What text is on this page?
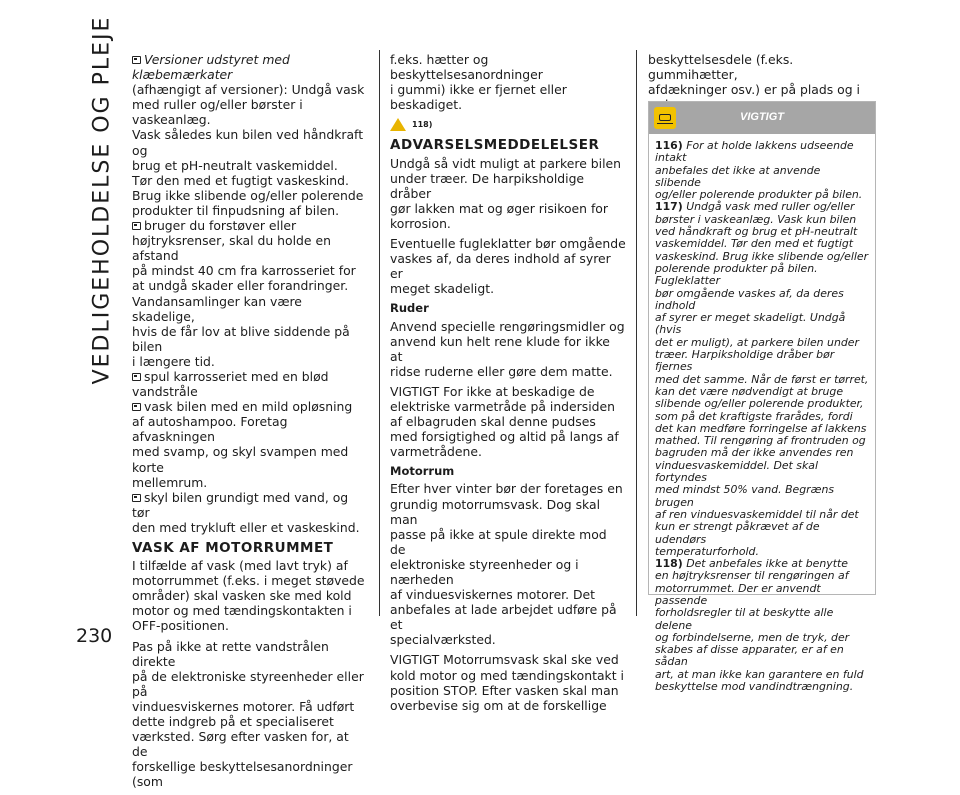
VEDLIGEHOLDELSE OG PLEJE	Versioner udstyret med klæbemærkater
(afhængigt af versioner): Undgå vask
med ruller og/eller børster i vaskeanlæg.
Vask således kun bilen ved håndkraft og
brug et pH-neutralt vaskemiddel.
Tør den med et fugtigt vaskeskind.
Brug ikke slibende og/eller polerende
produkter til finpudsning af bilen.
bruger du forstøver eller
højtryksrenser, skal du holde en afstand
på mindst 40 cm fra karrosseriet for
at undgå skader eller forandringer.
Vandansamlinger kan være skadelige,
hvis de får lov at blive siddende på bilen
i længere tid.
spul karrosseriet med en blød
vandstråle
vask bilen med en mild opløsning
af autoshampoo. Foretag afvaskningen
med svamp, og skyl svampen med korte
mellemrum.
skyl bilen grundigt med vand, og tør
den med trykluft eller et vaskeskind.
VASK AF MOTORRUMMET

I tilfælde af vask (med lavt tryk) af
motorrummet (f.eks. i meget støvede
områder) skal vasken ske med kold
motor og med tændingskontakten i
OFF-positionen.

Pas på ikke at rette vandstrålen direkte
på de elektroniske styreenheder eller på
vinduesviskernes motorer. Få udført
dette indgreb på et specialiseret
værksted. Sørg efter vasken for, at de
forskellige beskyttelsesanordninger (som

f.eks. hætter og beskyttelsesanordninger
i gummi) ikke er fjernet eller beskadiget.

118)
ADVARSELSMEDDELELSER

Undgå så vidt muligt at parkere bilen
under træer. De harpiksholdige dråber
gør lakken mat og øger risikoen for
korrosion.

Eventuelle fugleklatter bør omgående
vaskes af, da deres indhold af syrer er
meget skadeligt.

Ruder

Anvend specielle rengøringsmidler og
anvend kun helt rene klude for ikke at
ridse ruderne eller gøre dem matte.

VIGTIGT For ikke at beskadige de
elektriske varmetråde på indersiden
af elbagruden skal denne pudses
med forsigtighed og altid på langs af
varmetrådene.

Motorrum

Efter hver vinter bør der foretages en
grundig motorrumsvask. Dog skal man
passe på ikke at spule direkte mod de
elektroniske styreenheder og i nærheden
af vinduesviskernes motorer. Det
anbefales at lade arbejdet udføre på et
specialværksted.

VIGTIGT Motorrumsvask skal ske ved
kold motor og med tændingskontakt i
position STOP. Efter vasken skal man
overbevise sig om at de forskellige

beskyttelsesdele (f.eks. gummihætter,
afdækninger osv.) er på plads og i

VIGTIGT

116) For at holde lakkens udseende intakt
anbefales det ikke at anvende slibende
og/eller polerende produkter på bilen.

117) Undgå vask med ruller og/eller
børster i vaskeanlæg. Vask kun bilen
ved håndkraft og brug et pH-neutralt
vaskemiddel. Tør den med et fugtigt
vaskeskind. Brug ikke slibende og/eller
polerende produkter på bilen. Fugleklatter
bør omgående vaskes af, da deres indhold
af syrer er meget skadeligt. Undgå (hvis
det er muligt), at parkere bilen under
træer. Harpiksholdige dråber bør fjernes
med det samme. Når de først er tørret,
kan det være nødvendigt at bruge
slibende og/eller polerende produkter,
som på det kraftigste frarådes, fordi
det kan medføre forringelse af lakkens
mathed. Til rengøring af frontruden og
bagruden må der ikke anvendes ren
vinduesvaskemiddel. Det skal fortyndes
med mindst 50% vand. Begræns brugen
af ren vinduesvaskemiddel til når det
kun er strengt påkrævet af de udendørs
temperaturforhold.

118) Det anbefales ikke at benytte
en højtryksrenser til rengøringen af
motorrummet. Der er anvendt passende
forholdsregler til at beskytte alle delene
og forbindelserne, men de tryk, der
skabes af disse apparater, er af en sådan
art, at man ikke kan garantere en fuld
beskyttelse mod vandindtrængning.

230
